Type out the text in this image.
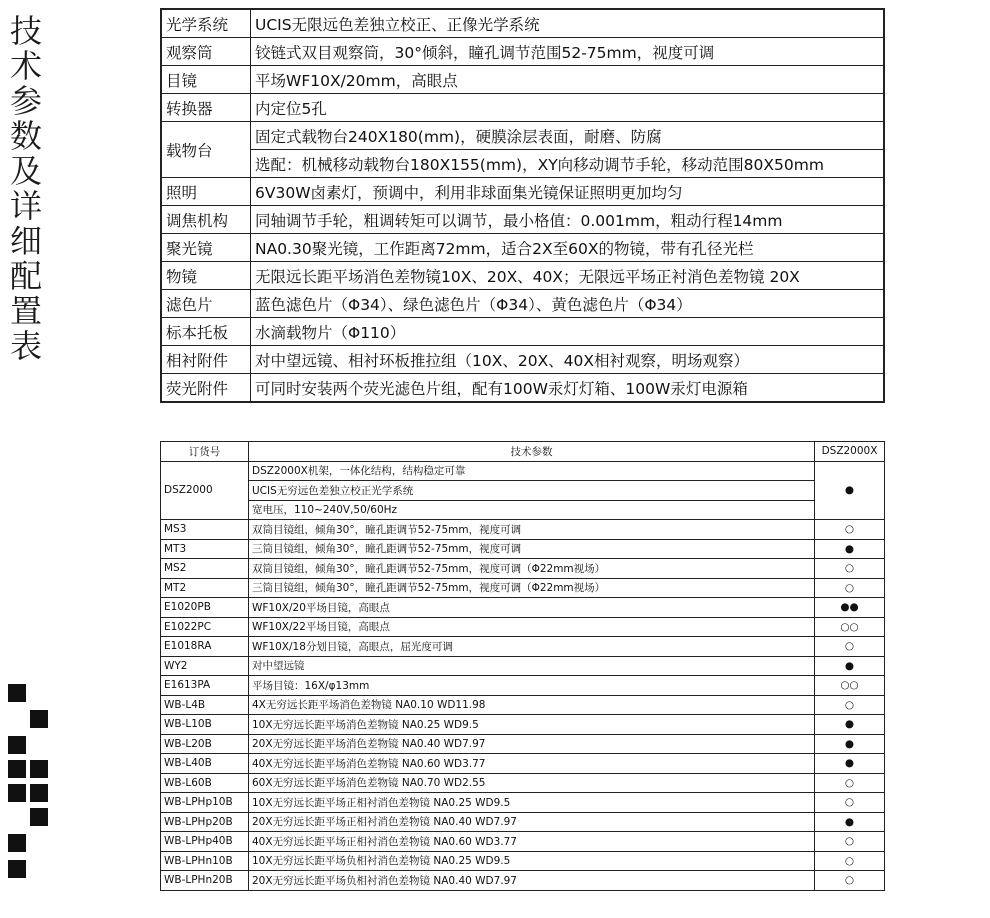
技术参数及详细配置表
光学系统	UCIS无限远色差独立校正、正像光学系统
观察筒	铰链式双目观察筒，30°倾斜，瞳孔调节范围52-75mm，视度可调
目镜	平场WF10X/20mm，高眼点
转换器	内定位5孔
载物台	固定式载物台240X180(mm)，硬膜涂层表面，耐磨、防腐
	选配：机械移动载物台180X155(mm)，XY向移动调节手轮，移动范围80X50mm
照明	6V30W卤素灯，预调中，利用非球面集光镜保证照明更加均匀
调焦机构	同轴调节手轮，粗调转矩可以调节，最小格值：0.001mm，粗动行程14mm
聚光镜	NA0.30聚光镜，工作距离72mm，适合2X至60X的物镜，带有孔径光栏
物镜	无限远长距平场消色差物镜10X、20X、40X；无限远平场正衬消色差物镜 20X
滤色片	蓝色滤色片（Φ34）、绿色滤色片（Φ34）、黄色滤色片（Φ34）
标本托板	水滴载物片（Φ110）
相衬附件	对中望远镜、相衬环板推拉组（10X、20X、40X相衬观察，明场观察）
荧光附件	可同时安装两个荧光滤色片组，配有100W汞灯灯箱、100W汞灯电源箱
订货号	技术参数	DSZ2000X
DSZ2000	DSZ2000X机架，一体化结构，结构稳定可靠	●
	UCIS无穷远色差独立校正光学系统	
	宽电压，110~240V,50/60Hz	
MS3	双筒目镜组，倾角30°，瞳孔距调节52-75mm，视度可调	○
MT3	三筒目镜组，倾角30°，瞳孔距调节52-75mm，视度可调	●
MS2	双筒目镜组，倾角30°，瞳孔距调节52-75mm，视度可调（Φ22mm视场）	○
MT2	三筒目镜组，倾角30°，瞳孔距调节52-75mm，视度可调（Φ22mm视场）	○
E1020PB	WF10X/20平场目镜，高眼点	●●
E1022PC	WF10X/22平场目镜，高眼点	○○
E1018RA	WF10X/18分划目镜，高眼点，屈光度可调	○
WY2	对中望远镜	●
E1613PA	平场目镜：16X/φ13mm	○○
WB-L4B	4X无穷远长距平场消色差物镜 NA0.10 WD11.98	○
WB-L10B	10X无穷远长距平场消色差物镜 NA0.25 WD9.5	●
WB-L20B	20X无穷远长距平场消色差物镜 NA0.40 WD7.97	●
WB-L40B	40X无穷远长距平场消色差物镜 NA0.60 WD3.77	●
WB-L60B	60X无穷远长距平场消色差物镜 NA0.70 WD2.55	○
WB-LPHp10B	10X无穷远长距平场正相衬消色差物镜 NA0.25 WD9.5	○
WB-LPHp20B	20X无穷远长距平场正相衬消色差物镜 NA0.40 WD7.97	●
WB-LPHp40B	40X无穷远长距平场正相衬消色差物镜 NA0.60 WD3.77	○
WB-LPHn10B	10X无穷远长距平场负相衬消色差物镜 NA0.25 WD9.5	○
WB-LPHn20B	20X无穷远长距平场负相衬消色差物镜 NA0.40 WD7.97	○
